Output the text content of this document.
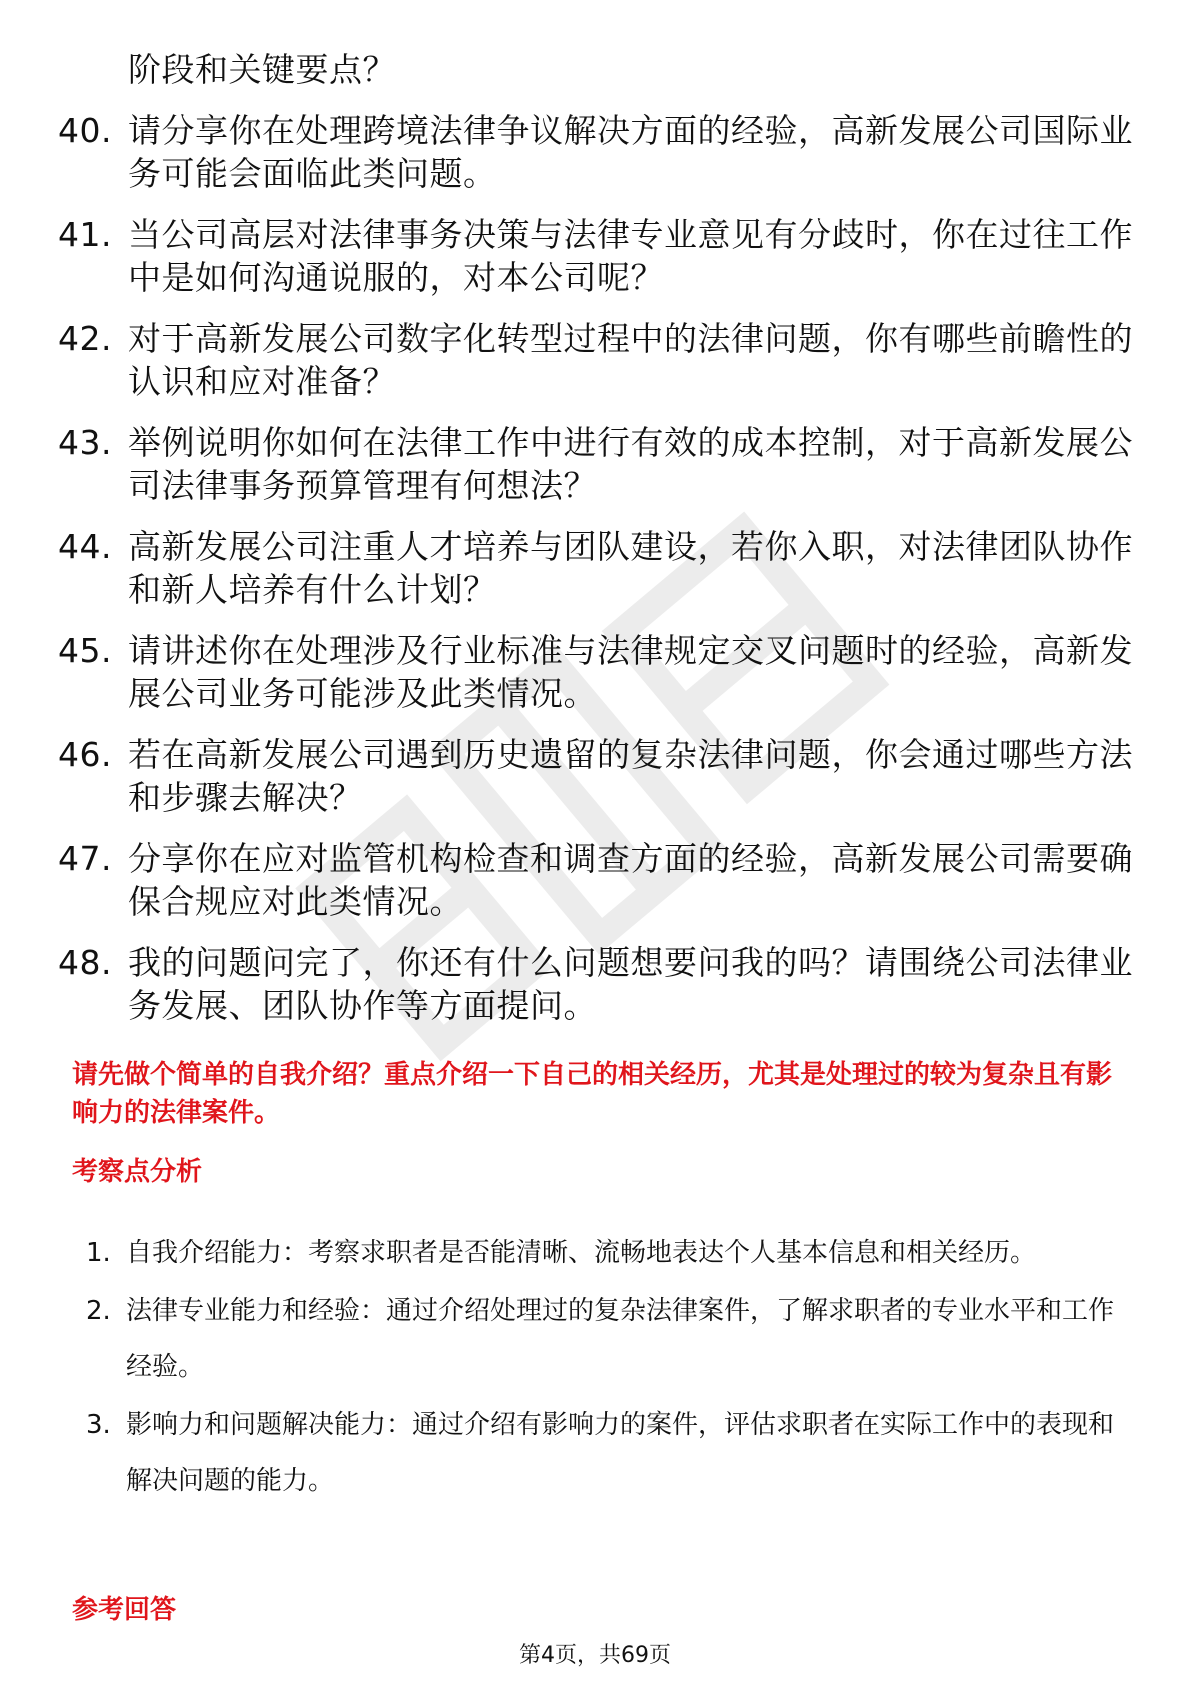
阶段和关键要点？
40. 请分享你在处理跨境法律争议解决方面的经验，高新发展公司国际业务可能会面临此类问题。
41. 当公司高层对法律事务决策与法律专业意见有分歧时，你在过往工作中是如何沟通说服的，对本公司呢？
42. 对于高新发展公司数字化转型过程中的法律问题，你有哪些前瞻性的认识和应对准备？
43. 举例说明你如何在法律工作中进行有效的成本控制，对于高新发展公司法律事务预算管理有何想法？
44. 高新发展公司注重人才培养与团队建设，若你入职，对法律团队协作和新人培养有什么计划？
45. 请讲述你在处理涉及行业标准与法律规定交叉问题时的经验，高新发展公司业务可能涉及此类情况。
46. 若在高新发展公司遇到历史遗留的复杂法律问题，你会通过哪些方法和步骤去解决？
47. 分享你在应对监管机构检查和调查方面的经验，高新发展公司需要确保合规应对此类情况。
48. 我的问题问完了，你还有什么问题想要问我的吗？请围绕公司法律业务发展、团队协作等方面提问。
请先做个简单的自我介绍？重点介绍一下自己的相关经历，尤其是处理过的较为复杂且有影响力的法律案件。
考察点分析
1. 自我介绍能力：考察求职者是否能清晰、流畅地表达个人基本信息和相关经历。
2. 法律专业能力和经验：通过介绍处理过的复杂法律案件，了解求职者的专业水平和工作经验。
3. 影响力和问题解决能力：通过介绍有影响力的案件，评估求职者在实际工作中的表现和解决问题的能力。
参考回答
第4页，共69页
